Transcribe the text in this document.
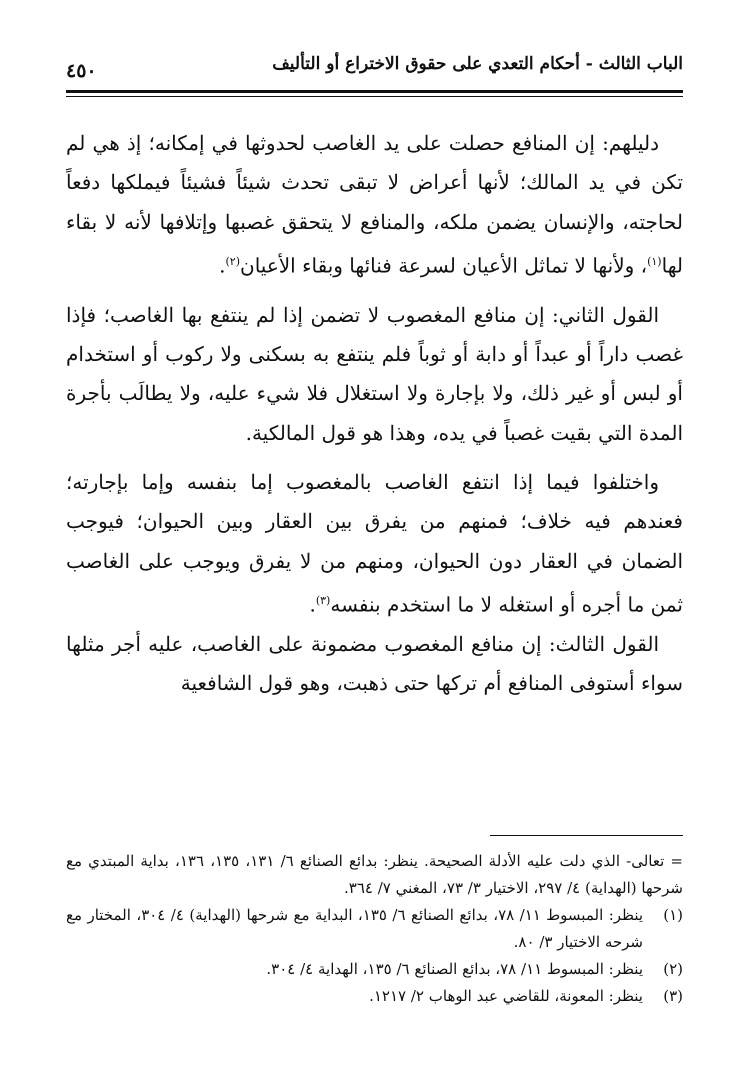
الباب الثالث - أحكام التعدي على حقوق الاختراع أو التأليف
٤٥٠

دليلهم: إن المنافع حصلت على يد الغاصب لحدوثها في إمكانه؛ إذ هي لم تكن في يد المالك؛ لأنها أعراض لا تبقى تحدث شيئاً فشيئاً فيملكها دفعاً لحاجته، والإنسان يضمن ملكه، والمنافع لا يتحقق غصبها وإتلافها لأنه لا بقاء لها$^{(١)}$، ولأنها لا تماثل الأعيان لسرعة فنائها وبقاء الأعيان$^{(٢)}$.

القول الثاني: إن منافع المغصوب لا تضمن إذا لم ينتفع بها الغاصب؛ فإذا غصب داراً أو عبداً أو دابة أو ثوباً فلم ينتفع به بسكنى ولا ركوب أو استخدام أو لبس أو غير ذلك، ولا بإجارة ولا استغلال فلا شيء عليه، ولا يطالَب بأجرة المدة التي بقيت غصباً في يده، وهذا هو قول المالكية.

واختلفوا فيما إذا انتفع الغاصب بالمغصوب إما بنفسه وإما بإجارته؛ فعندهم فيه خلاف؛ فمنهم من يفرق بين العقار وبين الحيوان؛ فيوجب الضمان في العقار دون الحيوان، ومنهم من لا يفرق ويوجب على الغاصب ثمن ما أجره أو استغله لا ما استخدم بنفسه$^{(٣)}$.

القول الثالث: إن منافع المغصوب مضمونة على الغاصب، عليه أجر مثلها سواء أستوفى المنافع أم تركها حتى ذهبت، وهو قول الشافعية

= تعالى- الذي دلت عليه الأدلة الصحيحة. ينظر: بدائع الصنائع ٦/ ١٣١، ١٣٥، ١٣٦، بداية المبتدي مع شرحها (الهداية) ٤/ ٢٩٧، الاختيار ٣/ ٧٣، المغني ٧/ ٣٦٤.
(١)
ينظر: المبسوط ١١/ ٧٨، بدائع الصنائع ٦/ ١٣٥، البداية مع شرحها (الهداية) ٤/ ٣٠٤، المختار مع شرحه الاختيار ٣/ ٨٠.
(٢)
ينظر: المبسوط ١١/ ٧٨، بدائع الصنائع ٦/ ١٣٥، الهداية ٤/ ٣٠٤.
(٣)
ينظر: المعونة، للقاضي عبد الوهاب ٢/ ١٢١٧.
